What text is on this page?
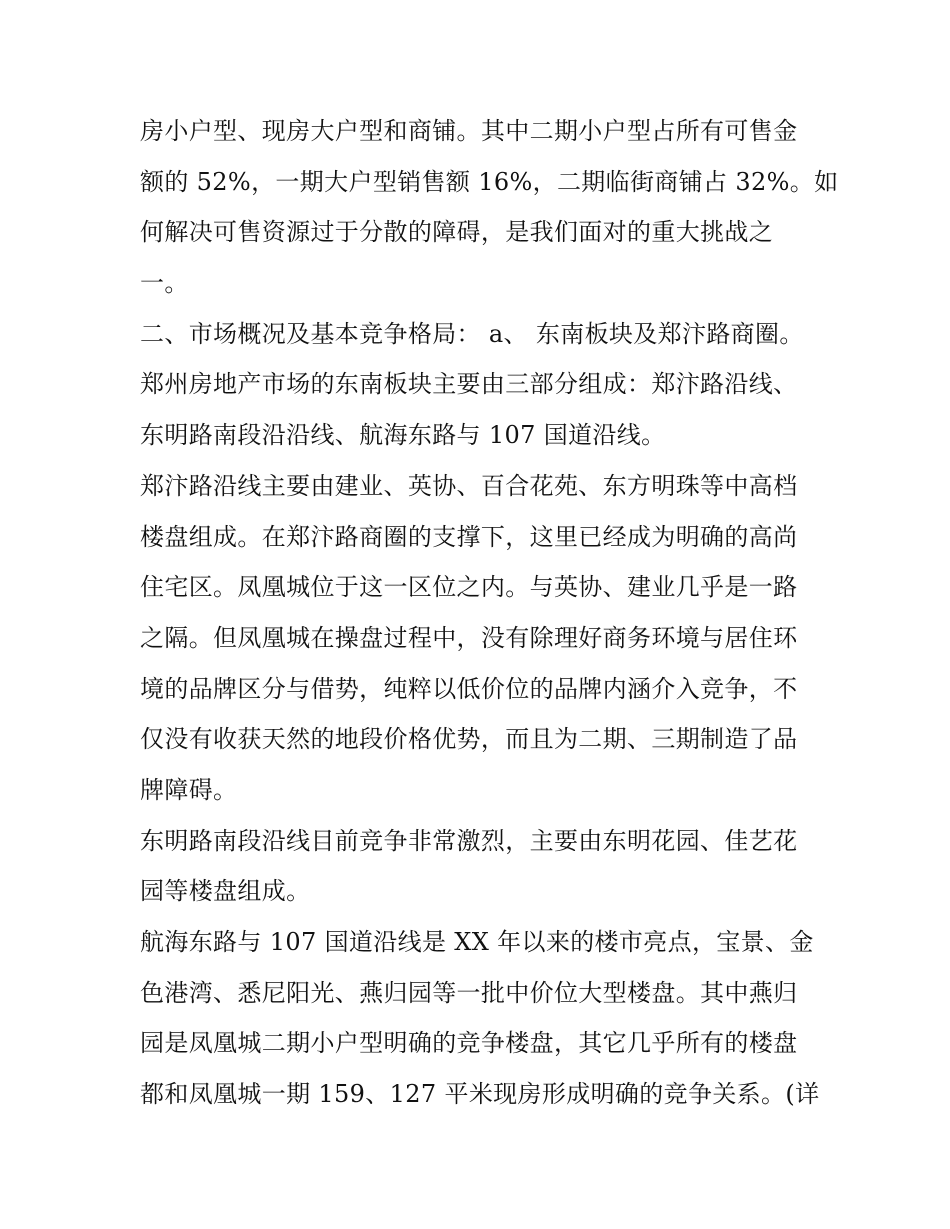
房小户型、现房大户型和商铺。其中二期小户型占所有可售金
额的 52%，一期大户型销售额 16%，二期临街商铺占 32%。如
何解决可售资源过于分散的障碍，是我们面对的重大挑战之
一。
二、市场概况及基本竞争格局： a、 东南板块及郑汴路商圈。
郑州房地产市场的东南板块主要由三部分组成：郑汴路沿线、
东明路南段沿沿线、航海东路与 107 国道沿线。
郑汴路沿线主要由建业、英协、百合花苑、东方明珠等中高档
楼盘组成。在郑汴路商圈的支撑下，这里已经成为明确的高尚
住宅区。凤凰城位于这一区位之内。与英协、建业几乎是一路
之隔。但凤凰城在操盘过程中，没有除理好商务环境与居住环
境的品牌区分与借势，纯粹以低价位的品牌内涵介入竞争，不
仅没有收获天然的地段价格优势，而且为二期、三期制造了品
牌障碍。
东明路南段沿线目前竞争非常激烈，主要由东明花园、佳艺花
园等楼盘组成。
航海东路与 107 国道沿线是 XX 年以来的楼市亮点，宝景、金
色港湾、悉尼阳光、燕归园等一批中价位大型楼盘。其中燕归
园是凤凰城二期小户型明确的竞争楼盘，其它几乎所有的楼盘
都和凤凰城一期 159、127 平米现房形成明确的竞争关系。(详
